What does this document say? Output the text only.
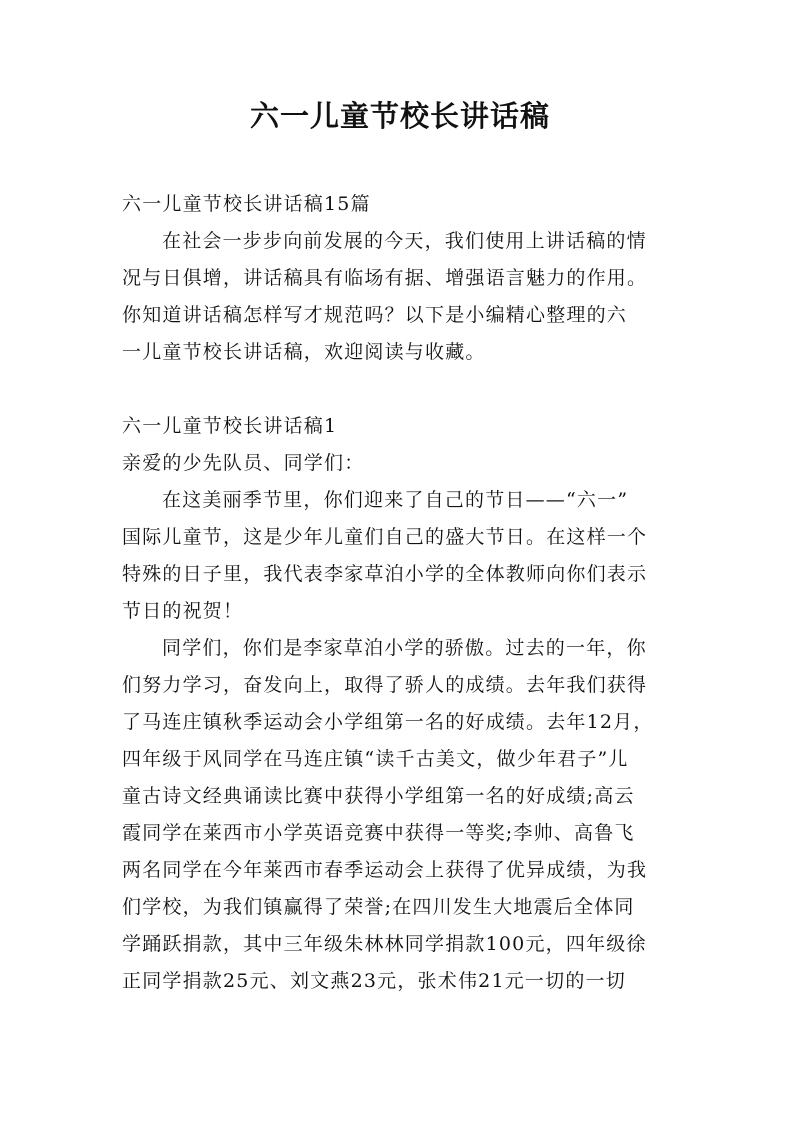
六一儿童节校长讲话稿
六一儿童节校长讲话稿15篇
在社会一步步向前发展的今天，我们使用上讲话稿的情
况与日俱增，讲话稿具有临场有据、增强语言魅力的作用。
你知道讲话稿怎样写才规范吗？以下是小编精心整理的六
一儿童节校长讲话稿，欢迎阅读与收藏。
六一儿童节校长讲话稿1
亲爱的少先队员、同学们：
在这美丽季节里，你们迎来了自己的节日——“六一”
国际儿童节，这是少年儿童们自己的盛大节日。在这样一个
特殊的日子里，我代表李家草泊小学的全体教师向你们表示
节日的祝贺！
同学们，你们是李家草泊小学的骄傲。过去的一年，你
们努力学习，奋发向上，取得了骄人的成绩。去年我们获得
了马连庄镇秋季运动会小学组第一名的好成绩。去年12月，
四年级于风同学在马连庄镇“读千古美文，做少年君子”儿
童古诗文经典诵读比赛中获得小学组第一名的好成绩;高云
霞同学在莱西市小学英语竞赛中获得一等奖;李帅、高鲁飞
两名同学在今年莱西市春季运动会上获得了优异成绩，为我
们学校，为我们镇赢得了荣誉;在四川发生大地震后全体同
学踊跃捐款，其中三年级朱林林同学捐款100元，四年级徐
正同学捐款25元、刘文燕23元，张术伟21元一切的一切
